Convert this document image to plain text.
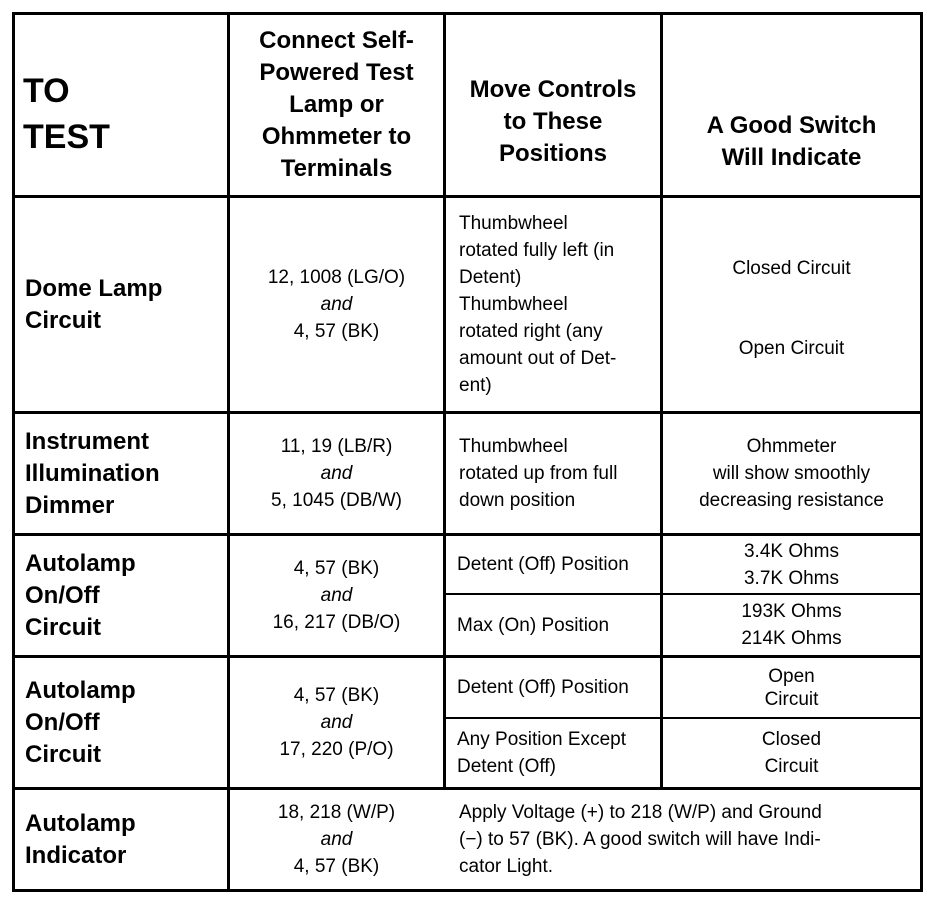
TO
TEST
Connect Self-
Powered Test
Lamp or
Ohmmeter to
Terminals
Move Controls
to These
Positions
A Good Switch
Will Indicate
Dome Lamp
Circuit
12, 1008 (LG/O)
and
4, 57 (BK)
Thumbwheel
rotated fully left (in
Detent)
Thumbwheel
rotated right (any
amount out of Det-
ent)
Closed Circuit
Open Circuit
Instrument
Illumination
Dimmer
11, 19 (LB/R)
and
5, 1045 (DB/W)
Thumbwheel
rotated up from full
down position
Ohmmeter
will show smoothly
decreasing resistance
Autolamp
On/Off
Circuit
4, 57 (BK)
and
16, 217 (DB/O)
Detent (Off) Position
3.4K Ohms
3.7K Ohms
Max (On) Position
193K Ohms
214K Ohms
Autolamp
On/Off
Circuit
4, 57 (BK)
and
17, 220 (P/O)
Detent (Off) Position
Open
Circuit
Any Position Except
Detent (Off)
Closed
Circuit
Autolamp
Indicator
18, 218 (W/P)
and
4, 57 (BK)
Apply Voltage (+) to 218 (W/P) and Ground
(−) to 57 (BK). A good switch will have Indi-
cator Light.
